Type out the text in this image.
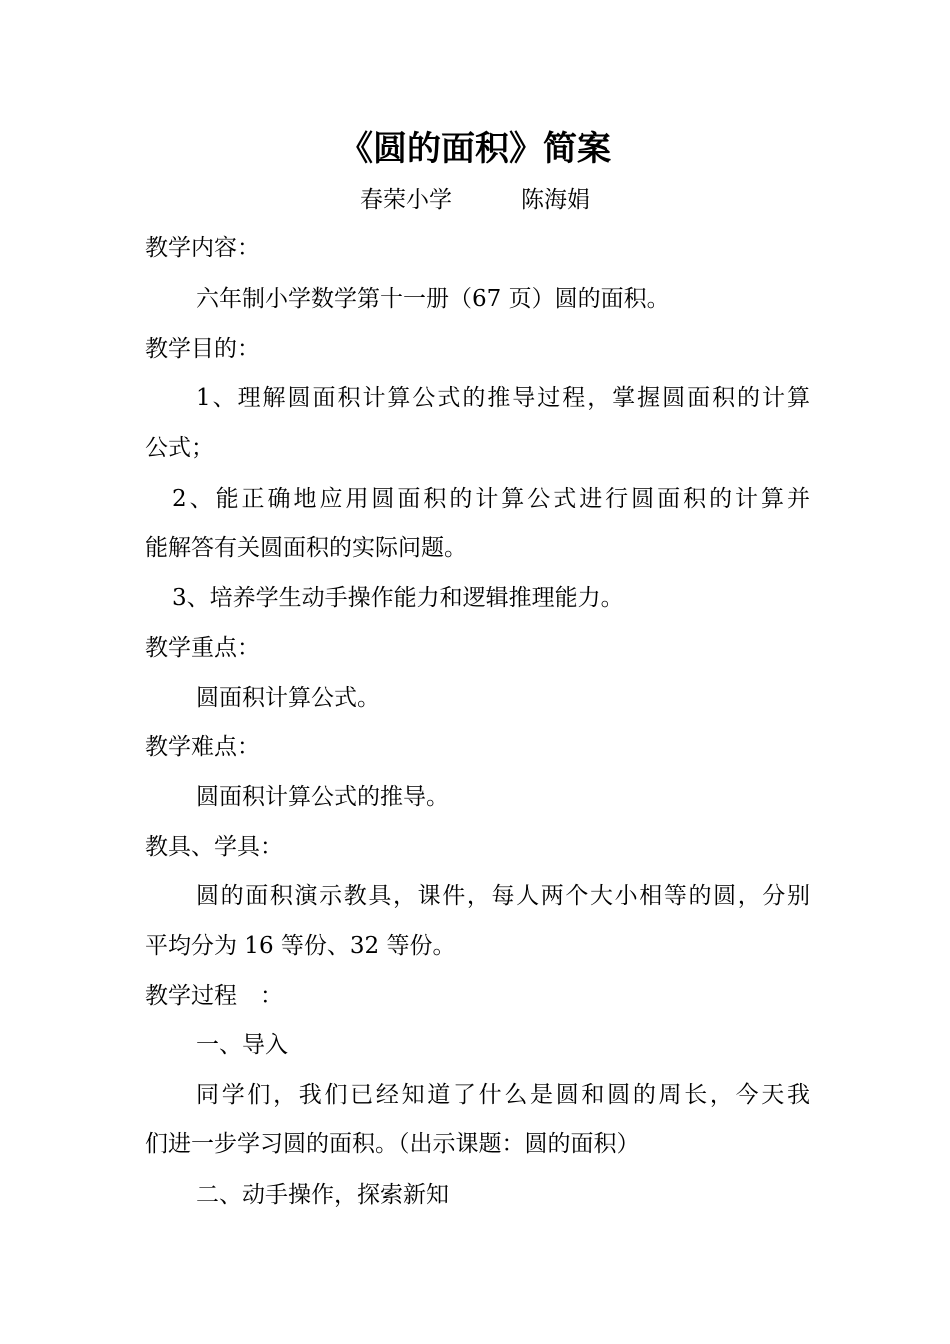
《圆的面积》简案
春荣小学　　　陈海娟
教学内容：
六年制小学数学第十一册（67 页）圆的面积。
教学目的：
1、理解圆面积计算公式的推导过程，掌握圆面积的计算
公式；
2、能正确地应用圆面积的计算公式进行圆面积的计算并
能解答有关圆面积的实际问题。
3、培养学生动手操作能力和逻辑推理能力。
教学重点：
圆面积计算公式。
教学难点：
圆面积计算公式的推导。
教具、学具：
圆的面积演示教具，课件，每人两个大小相等的圆，分别
平均分为 16 等份、32 等份。
教学过程　：
一、导入
同学们，我们已经知道了什么是圆和圆的周长，今天我
们进一步学习圆的面积。（出示课题：圆的面积）
二、动手操作，探索新知
